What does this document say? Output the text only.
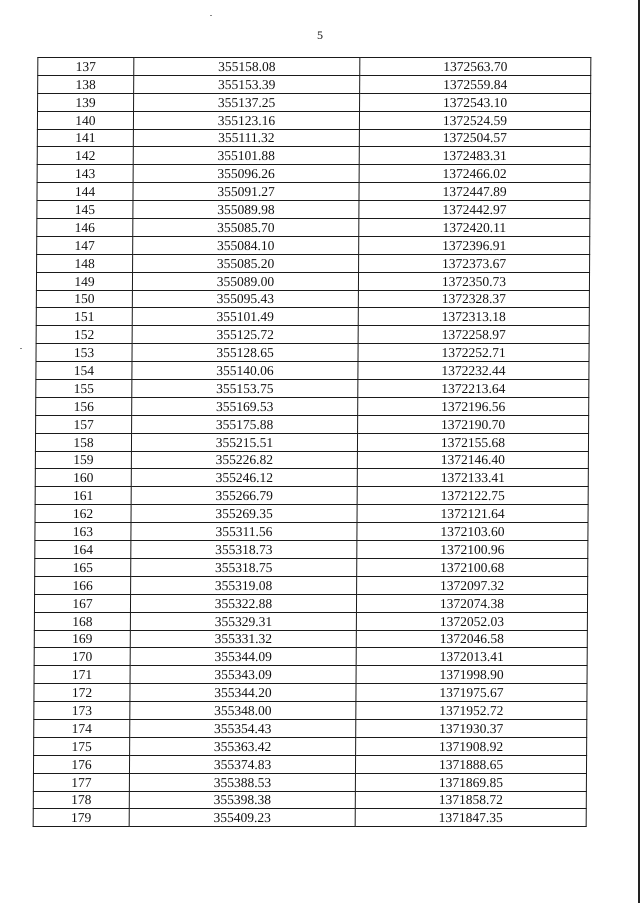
5
137	355158.08	1372563.70
138	355153.39	1372559.84
139	355137.25	1372543.10
140	355123.16	1372524.59
141	355111.32	1372504.57
142	355101.88	1372483.31
143	355096.26	1372466.02
144	355091.27	1372447.89
145	355089.98	1372442.97
146	355085.70	1372420.11
147	355084.10	1372396.91
148	355085.20	1372373.67
149	355089.00	1372350.73
150	355095.43	1372328.37
151	355101.49	1372313.18
152	355125.72	1372258.97
153	355128.65	1372252.71
154	355140.06	1372232.44
155	355153.75	1372213.64
156	355169.53	1372196.56
157	355175.88	1372190.70
158	355215.51	1372155.68
159	355226.82	1372146.40
160	355246.12	1372133.41
161	355266.79	1372122.75
162	355269.35	1372121.64
163	355311.56	1372103.60
164	355318.73	1372100.96
165	355318.75	1372100.68
166	355319.08	1372097.32
167	355322.88	1372074.38
168	355329.31	1372052.03
169	355331.32	1372046.58
170	355344.09	1372013.41
171	355343.09	1371998.90
172	355344.20	1371975.67
173	355348.00	1371952.72
174	355354.43	1371930.37
175	355363.42	1371908.92
176	355374.83	1371888.65
177	355388.53	1371869.85
178	355398.38	1371858.72
179	355409.23	1371847.35
